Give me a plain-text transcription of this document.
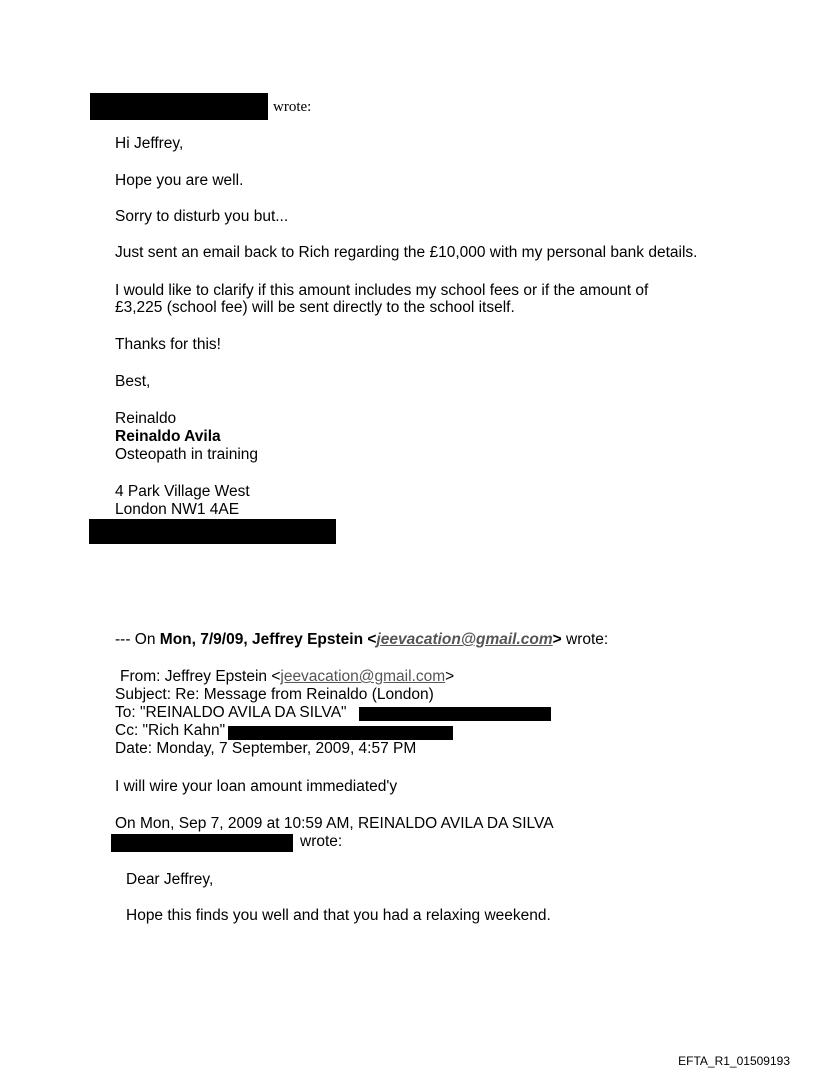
wrote:
Hi Jeffrey,
Hope you are well.
Sorry to disturb you but...
Just sent an email back to Rich regarding the £10,000 with my personal bank details.
I would like to clarify if this amount includes my school fees or if the amount of
£3,225 (school fee) will be sent directly to the school itself.
Thanks for this!
Best,
Reinaldo
Reinaldo Avila
Osteopath in training
4 Park Village West
London NW1 4AE
--- On Mon, 7/9/09, Jeffrey Epstein <jeevacation@gmail.com> wrote:
From: Jeffrey Epstein <jeevacation@gmail.com>
Subject: Re: Message from Reinaldo (London)
To: "REINALDO AVILA DA SILVA"
Cc: "Rich Kahn"
Date: Monday, 7 September, 2009, 4:57 PM
I will wire your loan amount immediated'y
On Mon, Sep 7, 2009 at 10:59 AM, REINALDO AVILA DA SILVA
wrote:
Dear Jeffrey,
Hope this finds you well and that you had a relaxing weekend.
EFTA_R1_01509193
